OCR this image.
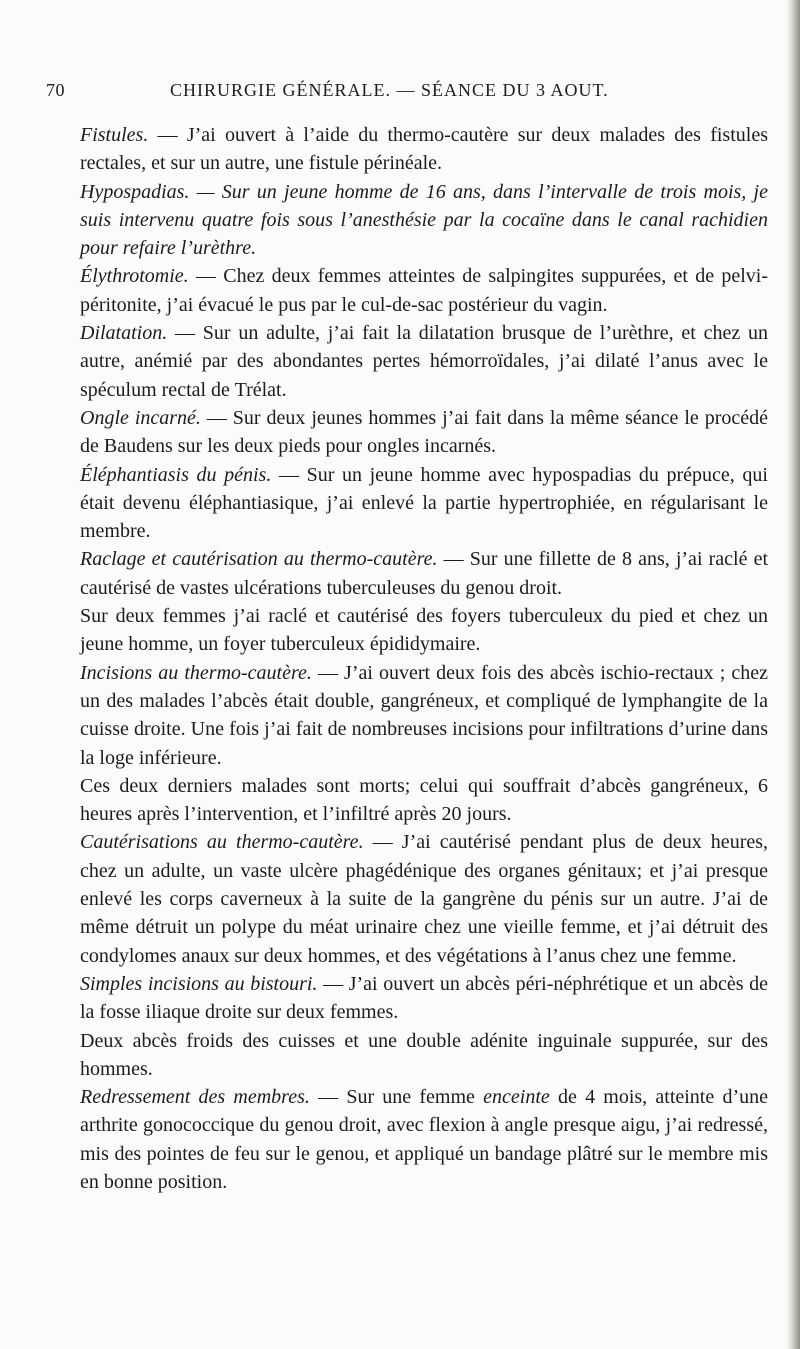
70	CHIRURGIE GÉNÉRALE. — SÉANCE DU 3 AOUT.

Fistules. — J’ai ouvert à l’aide du thermo-cautère sur deux malades des fistules rectales, et sur un autre, une fistule périnéale.

Hypospadias. — Sur un jeune homme de 16 ans, dans l’intervalle de trois mois, je suis intervenu quatre fois sous l’anesthésie par la cocaïne dans le canal rachidien pour refaire l’urèthre.

Élythrotomie. — Chez deux femmes atteintes de salpingites suppurées, et de pelvi-péritonite, j’ai évacué le pus par le cul-de-sac postérieur du vagin.

Dilatation. — Sur un adulte, j’ai fait la dilatation brusque de l’urèthre, et chez un autre, anémié par des abondantes pertes hémorroïdales, j’ai dilaté l’anus avec le spéculum rectal de Trélat.

Ongle incarné. — Sur deux jeunes hommes j’ai fait dans la même séance le procédé de Baudens sur les deux pieds pour ongles incarnés.

Éléphantiasis du pénis. — Sur un jeune homme avec hypospadias du prépuce, qui était devenu éléphantiasique, j’ai enlevé la partie hypertrophiée, en régularisant le membre.

Raclage et cautérisation au thermo-cautère. — Sur une fillette de 8 ans, j’ai raclé et cautérisé de vastes ulcérations tuberculeuses du genou droit.

Sur deux femmes j’ai raclé et cautérisé des foyers tuberculeux du pied et chez un jeune homme, un foyer tuberculeux épididymaire.

Incisions au thermo-cautère. — J’ai ouvert deux fois des abcès ischio-rectaux ; chez un des malades l’abcès était double, gangréneux, et compliqué de lymphangite de la cuisse droite. Une fois j’ai fait de nombreuses incisions pour infiltrations d’urine dans la loge inférieure.

Ces deux derniers malades sont morts; celui qui souffrait d’abcès gangréneux, 6 heures après l’intervention, et l’infiltré après 20 jours.

Cautérisations au thermo-cautère. — J’ai cautérisé pendant plus de deux heures, chez un adulte, un vaste ulcère phagédénique des organes génitaux; et j’ai presque enlevé les corps caverneux à la suite de la gangrène du pénis sur un autre. J’ai de même détruit un polype du méat urinaire chez une vieille femme, et j’ai détruit des condylomes anaux sur deux hommes, et des végétations à l’anus chez une femme.

Simples incisions au bistouri. — J’ai ouvert un abcès péri-néphrétique et un abcès de la fosse iliaque droite sur deux femmes.

Deux abcès froids des cuisses et une double adénite inguinale suppurée, sur des hommes.

Redressement des membres. — Sur une femme enceinte de 4 mois, atteinte d’une arthrite gonococcique du genou droit, avec flexion à angle presque aigu, j’ai redressé, mis des pointes de feu sur le genou, et appliqué un bandage plâtré sur le membre mis en bonne position.
